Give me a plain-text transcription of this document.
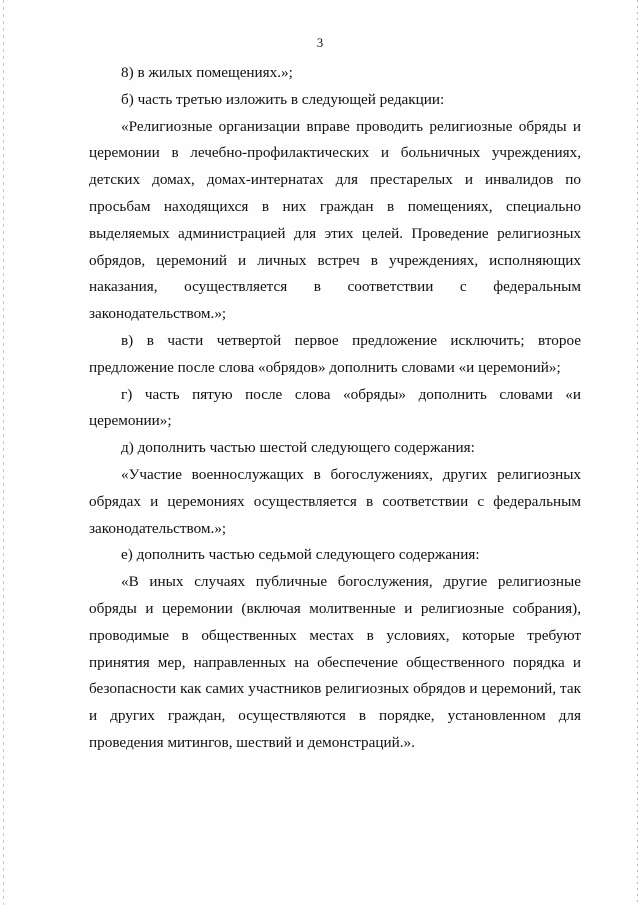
3

8) в жилых помещениях.»;

б) часть третью изложить в следующей редакции:

«Религиозные организации вправе проводить религиозные обряды и церемонии в лечебно-профилактических и больничных учреждениях, детских домах, домах-интернатах для престарелых и инвалидов по просьбам находящихся в них граждан в помещениях, специально выделяемых администрацией для этих целей. Проведение религиозных обрядов, церемоний и личных встреч в учреждениях, исполняющих наказания, осуществляется в соответствии с федеральным законодательством.»;

в) в части четвертой первое предложение исключить; второе предложение после слова «обрядов» дополнить словами «и церемоний»;

г) часть пятую после слова «обряды» дополнить словами «и церемонии»;

д) дополнить частью шестой следующего содержания:

«Участие военнослужащих в богослужениях, других религиозных обрядах и церемониях осуществляется в соответствии с федеральным законодательством.»;

е) дополнить частью седьмой следующего содержания:

«В иных случаях публичные богослужения, другие религиозные обряды и церемонии (включая молитвенные и религиозные собрания), проводимые в общественных местах в условиях, которые требуют принятия мер, направленных на обеспечение общественного порядка и безопасности как самих участников религиозных обрядов и церемоний, так и других граждан, осуществляются в порядке, установленном для проведения митингов, шествий и демонстраций.».
